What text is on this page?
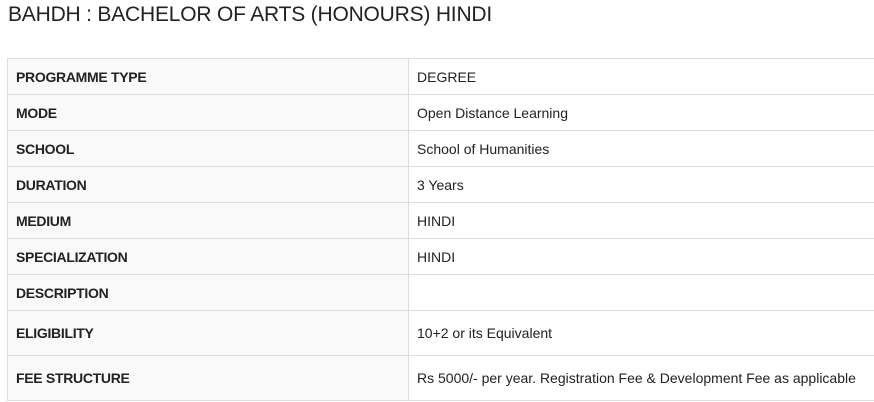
BAHDH : BACHELOR OF ARTS (HONOURS) HINDI
PROGRAMME TYPE	DEGREE
MODE	Open Distance Learning
SCHOOL	School of Humanities
DURATION	3 Years
MEDIUM	HINDI
SPECIALIZATION	HINDI
DESCRIPTION	
ELIGIBILITY	10+2 or its Equivalent
FEE STRUCTURE	Rs 5000/- per year. Registration Fee & Development Fee as applicable
